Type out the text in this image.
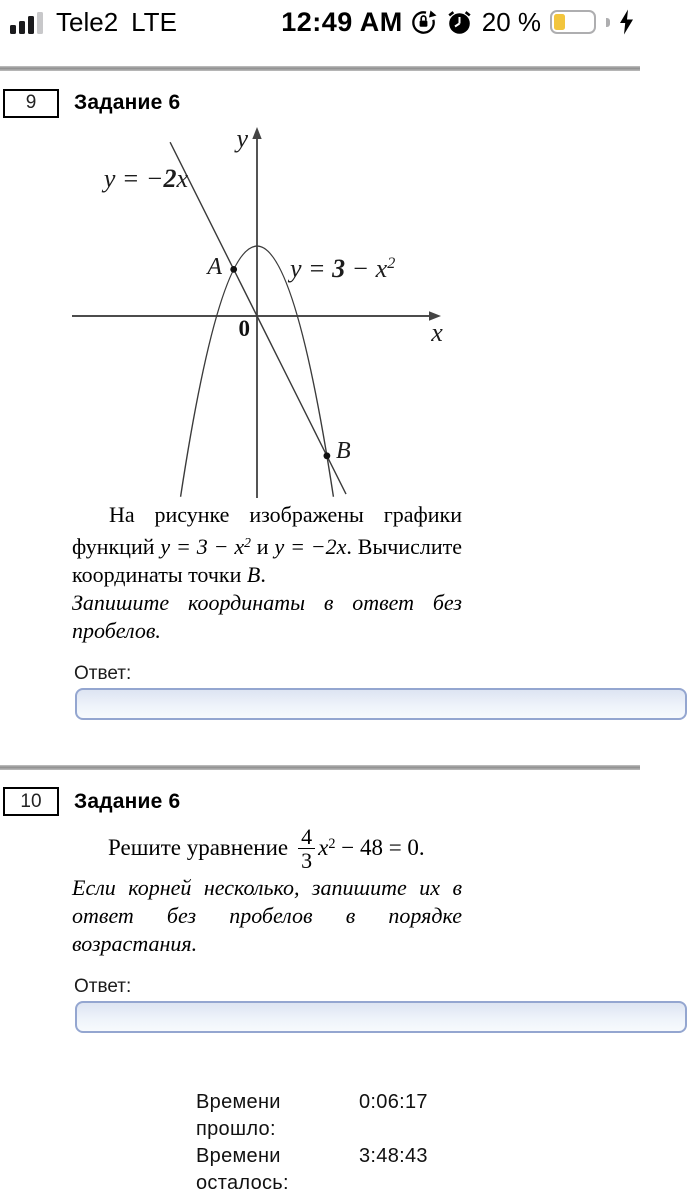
Tele2 LTE	12:49 AM	20 %
9	Задание 6
y
x
0
y = −2x
$y = 3 - x^2$
A
B

На рисунке изображены графики функций $y = 3 - x^2$ и y = −2x. Вычислите координаты точки B.

Запишите координаты в ответ без пробелов.

Ответ:
10	Задание 6
Решите уравнение $\frac{4}{3} x^2 - 48 = 0$.

Если корней несколько, запишите их в ответ без пробелов в порядке возрастания.

Ответ:
Времени прошло:
0:06:17
Времени осталось:
3:48:43
